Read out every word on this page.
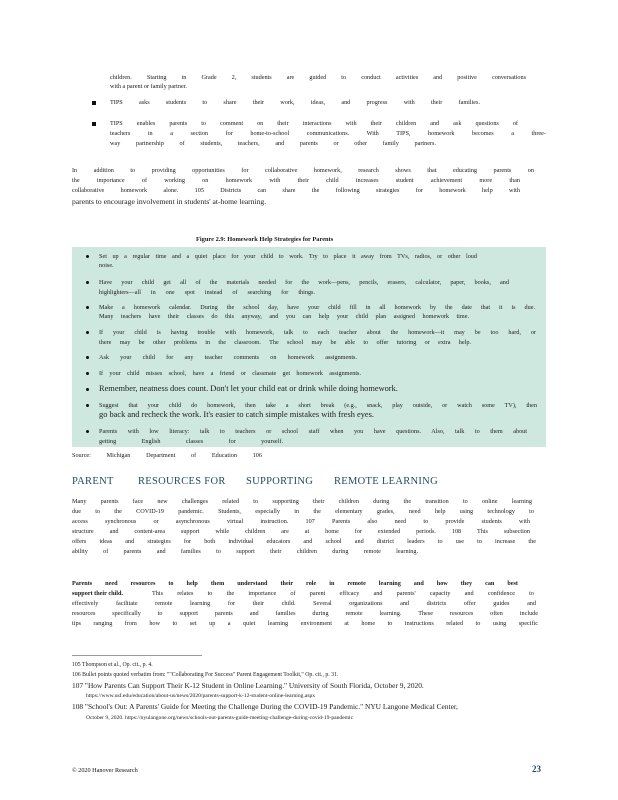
children. Starting in Grade 2, students are guided to conduct activities and positive conversations
with a parent or family partner.
TIPS asks students to share their work, ideas, and progress with their families.
TIPS enables parents to comment on their interactions with their children and ask questions of
teachers in a section for home-to-school communications. With TIPS, homework becomes a three-
way partnership of students, teachers, and parents or other family partners.
In addition to providing opportunities for collaborative homework, research shows that educating parents on
the importance of working on homework with their child increases student achievement more than
collaborative homework alone. 105 Districts can share the following strategies for homework help with
parents to encourage involvement in students' at-home learning.
Figure 2.9: Homework Help Strategies for Parents
Set up a regular time and a quiet place for your child to work. Try to place it away from TVs, radios, or other loud
noise.
Have your child get all of the materials needed for the work—pens, pencils, erasers, calculator, paper, books, and
highlighters—all in one spot instead of searching for things.
Make a homework calendar. During the school day, have your child fill in all homework by the date that it is due.
Many teachers have their classes do this anyway, and you can help your child plan assigned homework time.
If your child is having trouble with homework, talk to each teacher about the homework—it may be too hard, or
there may be other problems in the classroom. The school may be able to offer tutoring or extra help.
Ask your child for any teacher comments on homework assignments.
If your child misses school, have a friend or classmate get homework assignments.
Remember, neatness does count. Don't let your child eat or drink while doing homework.
Suggest that your child do homework, then take a short break (e.g., snack, play outside, or watch some TV), then
go back and recheck the work. It's easier to catch simple mistakes with fresh eyes.
Parents with low literacy: talk to teachers or school staff when you have questions. Also, talk to them about
getting English classes for yourself.
Source: Michigan Department of Education 106
PARENT RESOURCES FOR SUPPORTING REMOTE LEARNING
Many parents face new challenges related to supporting their children during the transition to online learning
due to the COVID-19 pandemic. Students, especially in the elementary grades, need help using technology to
access synchronous or asynchronous virtual instruction. 107 Parents also need to provide students with
structure and content-area support while children are at home for extended periods. 108 This subsection
offers ideas and strategies for both individual educators and school and district leaders to use to increase the
ability of parents and families to support their children during remote learning.
Parents need resources to help them understand their role in remote learning and how they can best
support their child.	This relates to the importance of parent efficacy and parents' capacity and confidence to
effectively facilitate remote learning for their child. Several organizations and districts offer guides and
resources specifically to support parents and families during remote learning. These resources often include
tips ranging from how to set up a quiet learning environment at home to instructions related to using specific
105 Thompson et al., Op. cit., p. 4.
106 Bullet points quoted verbatim from: ""Collaborating For Success" Parent Engagement Toolkit," Op. cit., p. 31.
107 "How Parents Can Support Their K-12 Student in Online Learning." University of South Florida, October 9, 2020.
https://www.usf.edu/education/about-us/news/2020/parents-support-k-12-student-online-learning.aspx
108 "School's Out: A Parents' Guide for Meeting the Challenge During the COVID-19 Pandemic." NYU Langone Medical Center,
October 9, 2020. https://nyulangone.org/news/schools-out-parents-guide-meeting-challenge-during-covid-19-pandemic
© 2020 Hanover Research	23
